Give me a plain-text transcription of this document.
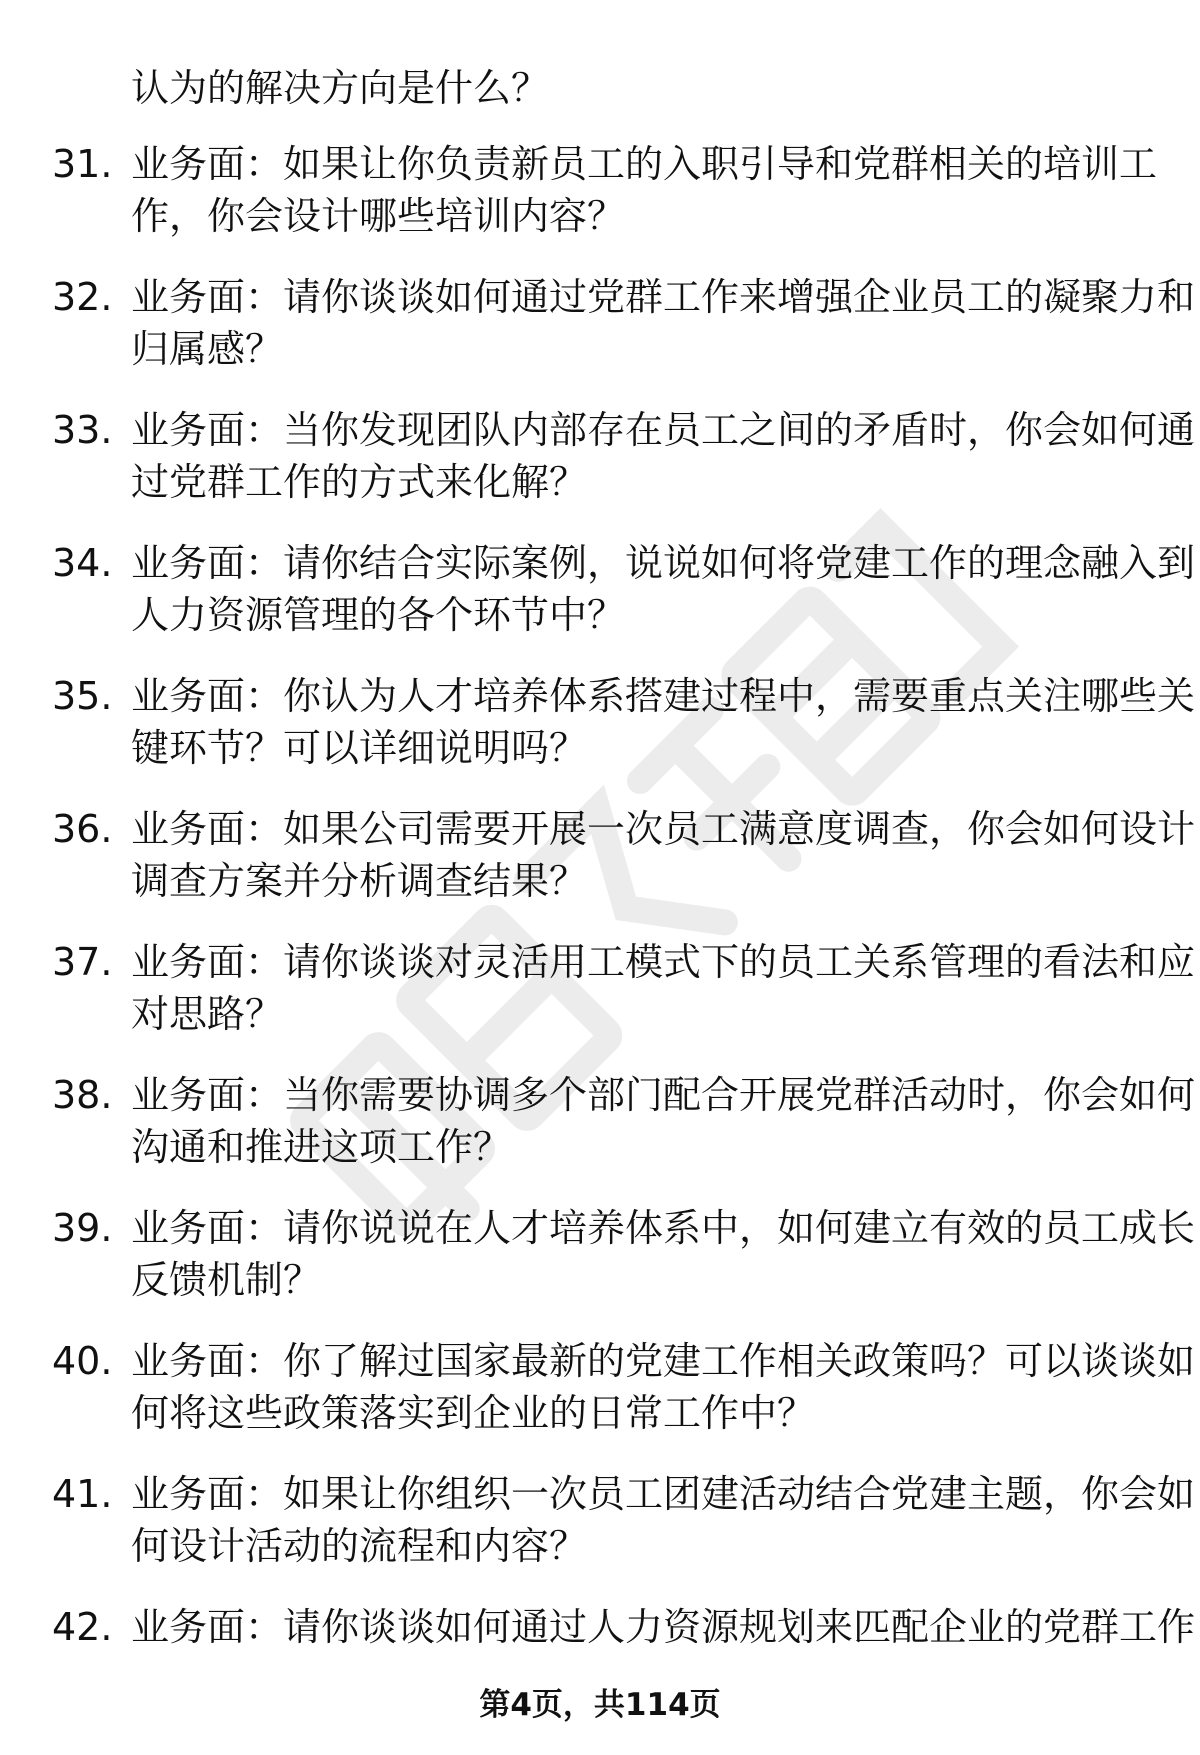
认为的解决方向是什么？

31. 业务面：如果让你负责新员工的入职引导和党群相关的培训工
作，你会设计哪些培训内容？
32. 业务面：请你谈谈如何通过党群工作来增强企业员工的凝聚力和
归属感？
33. 业务面：当你发现团队内部存在员工之间的矛盾时，你会如何通
过党群工作的方式来化解？
34. 业务面：请你结合实际案例，说说如何将党建工作的理念融入到
人力资源管理的各个环节中？
35. 业务面：你认为人才培养体系搭建过程中，需要重点关注哪些关
键环节？可以详细说明吗？
36. 业务面：如果公司需要开展一次员工满意度调查，你会如何设计
调查方案并分析调查结果？
37. 业务面：请你谈谈对灵活用工模式下的员工关系管理的看法和应
对思路？
38. 业务面：当你需要协调多个部门配合开展党群活动时，你会如何
沟通和推进这项工作？
39. 业务面：请你说说在人才培养体系中，如何建立有效的员工成长
反馈机制？
40. 业务面：你了解过国家最新的党建工作相关政策吗？可以谈谈如
何将这些政策落实到企业的日常工作中？
41. 业务面：如果让你组织一次员工团建活动结合党建主题，你会如
何设计活动的流程和内容？
42. 业务面：请你谈谈如何通过人力资源规划来匹配企业的党群工作
第4页，共114页
